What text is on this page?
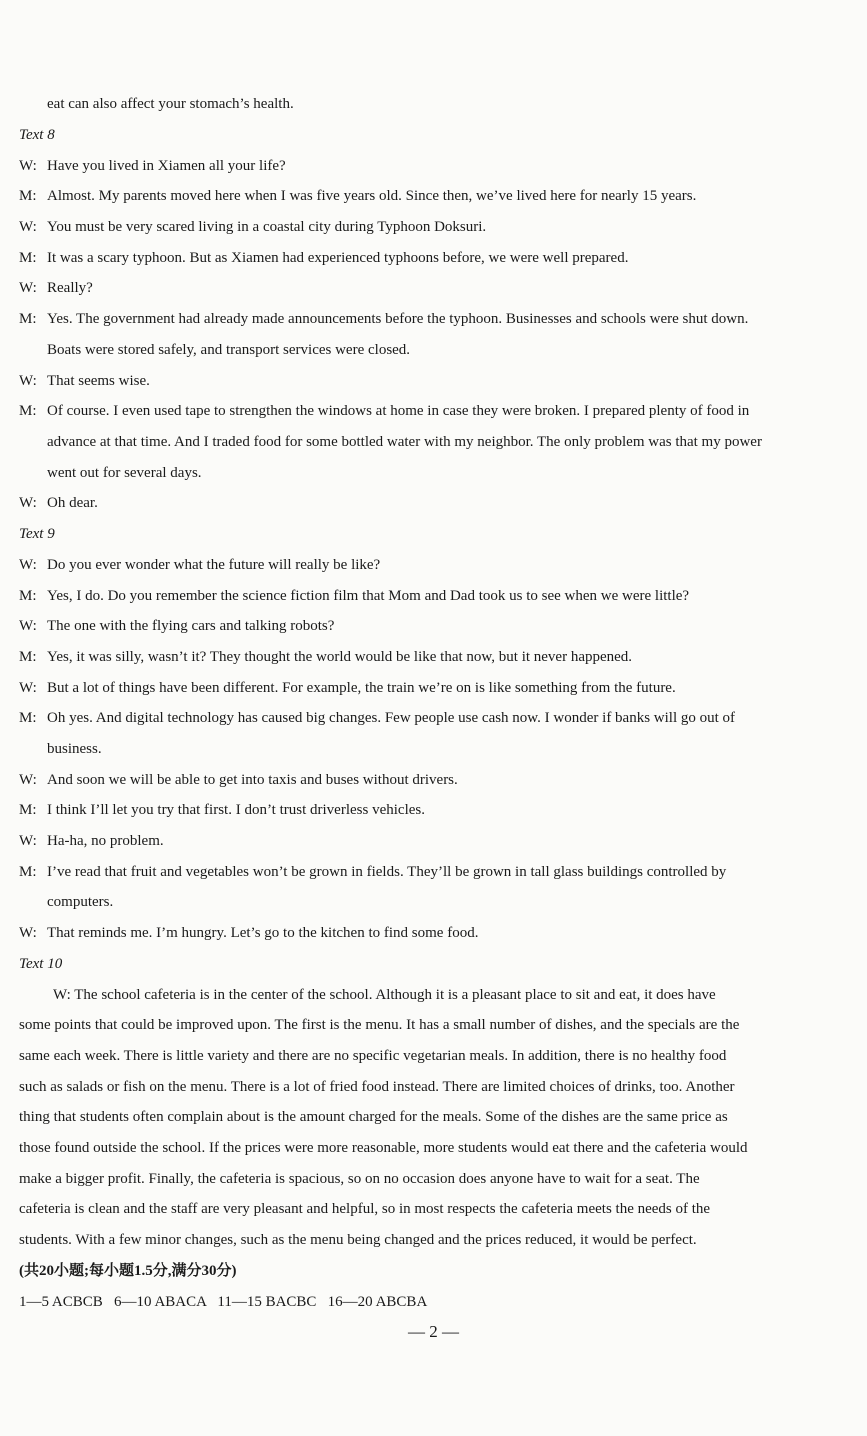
eat can also affect your stomach’s health.
Text 8
W: Have you lived in Xiamen all your life?
M: Almost. My parents moved here when I was five years old. Since then, we’ve lived here for nearly 15 years.
W: You must be very scared living in a coastal city during Typhoon Doksuri.
M: It was a scary typhoon. But as Xiamen had experienced typhoons before, we were well prepared.
W: Really?
M: Yes. The government had already made announcements before the typhoon. Businesses and schools were shut down.
Boats were stored safely, and transport services were closed.
W: That seems wise.
M: Of course. I even used tape to strengthen the windows at home in case they were broken. I prepared plenty of food in
advance at that time. And I traded food for some bottled water with my neighbor. The only problem was that my power
went out for several days.
W: Oh dear.
Text 9
W: Do you ever wonder what the future will really be like?
M: Yes, I do. Do you remember the science fiction film that Mom and Dad took us to see when we were little?
W: The one with the flying cars and talking robots?
M: Yes, it was silly, wasn’t it? They thought the world would be like that now, but it never happened.
W: But a lot of things have been different. For example, the train we’re on is like something from the future.
M: Oh yes. And digital technology has caused big changes. Few people use cash now. I wonder if banks will go out of
business.
W: And soon we will be able to get into taxis and buses without drivers.
M: I think I’ll let you try that first. I don’t trust driverless vehicles.
W: Ha-ha, no problem.
M: I’ve read that fruit and vegetables won’t be grown in fields. They’ll be grown in tall glass buildings controlled by
computers.
W: That reminds me. I’m hungry. Let’s go to the kitchen to find some food.
Text 10
W: The school cafeteria is in the center of the school. Although it is a pleasant place to sit and eat, it does have
some points that could be improved upon. The first is the menu. It has a small number of dishes, and the specials are the
same each week. There is little variety and there are no specific vegetarian meals. In addition, there is no healthy food
such as salads or fish on the menu. There is a lot of fried food instead. There are limited choices of drinks, too. Another
thing that students often complain about is the amount charged for the meals. Some of the dishes are the same price as
those found outside the school. If the prices were more reasonable, more students would eat there and the cafeteria would
make a bigger profit. Finally, the cafeteria is spacious, so on no occasion does anyone have to wait for a seat. The
cafeteria is clean and the staff are very pleasant and helpful, so in most respects the cafeteria meets the needs of the
students. With a few minor changes, such as the menu being changed and the prices reduced, it would be perfect.
(共20小题;每小题1.5分,满分30分)
1—5 ACBCB   6—10 ABACA   11—15 BACBC   16—20 ABCBA
— 2 —
